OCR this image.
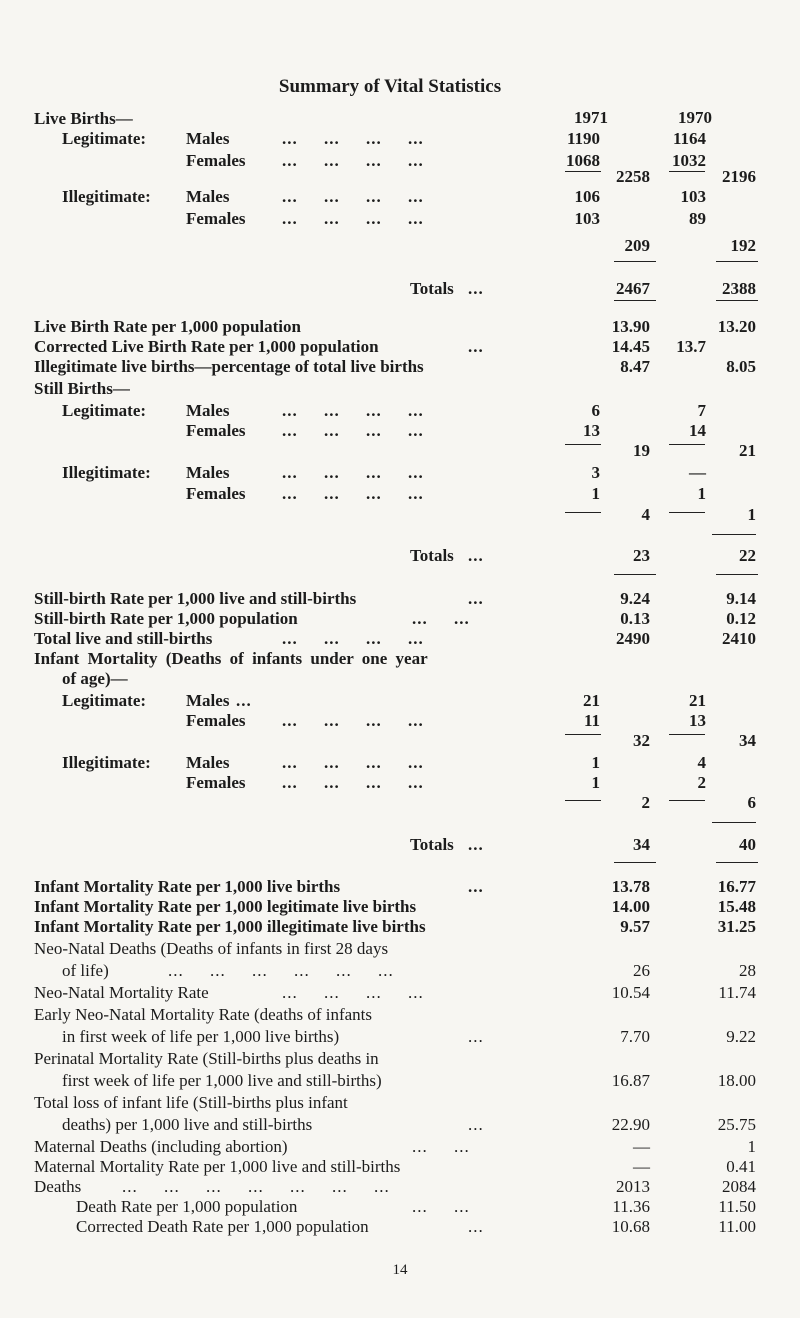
Summary of Vital Statistics
1971	1970
Live Births—
Legitimate: Males	...     ...     ...     ...	1190	1164
Females ...     ...     ...     ...	1068	1032
2258	2196
Illegitimate: Males	...     ...     ...     ...	106	103
Females ...     ...     ...     ...	103	89
209	192
Totals ...	2467	2388
Live Birth Rate per 1,000 population	13.90	13.20
Corrected Live Birth Rate per 1,000 population	...	14.45	13.7
Illegitimate live births—percentage of total live births	8.47	8.05
Still Births—
Legitimate: Males	...     ...     ...     ...	6	7
Females ...     ...     ...     ...	13	14
19	21
Illegitimate: Males	...     ...     ...     ...	3	—
Females ...     ...     ...     ...	1	1
4	1
Totals ...	23	22
Still-birth Rate per 1,000 live and still-births	...	9.24	9.14
Still-birth Rate per 1,000 population	...     ...	0.13	0.12
Total live and still-births	...     ...     ...     ...	2490	2410
Infant Mortality (Deaths of infants under one year
of age)—
Legitimate: Males ...	21	21
Females ...     ...     ...     ...	11	13
32	34
Illegitimate: Males	...     ...     ...     ...	1	4
Females ...     ...     ...     ...	1	2
2	6
Totals ...	34	40
Infant Mortality Rate per 1,000 live births	...	13.78	16.77
Infant Mortality Rate per 1,000 legitimate live births	14.00	15.48
Infant Mortality Rate per 1,000 illegitimate live births	9.57	31.25
Neo-Natal Deaths (Deaths of infants in first 28 days
of life)	...     ...     ...     ...     ...     ...	26	28
Neo-Natal Mortality Rate	...     ...     ...     ...	10.54	11.74
Early Neo-Natal Mortality Rate (deaths of infants
in first week of life per 1,000 live births)	...	7.70	9.22
Perinatal Mortality Rate (Still-births plus deaths in
first week of life per 1,000 live and still-births)	16.87	18.00
Total loss of infant life (Still-births plus infant
deaths) per 1,000 live and still-births	...	22.90	25.75
Maternal Deaths (including abortion)	...     ...	—	1
Maternal Mortality Rate per 1,000 live and still-births	—	0.41
Deaths ...     ...     ...     ...     ...     ...     ...	2013	2084
Death Rate per 1,000 population	...     ...	11.36	11.50
Corrected Death Rate per 1,000 population	...	10.68	11.00
14
